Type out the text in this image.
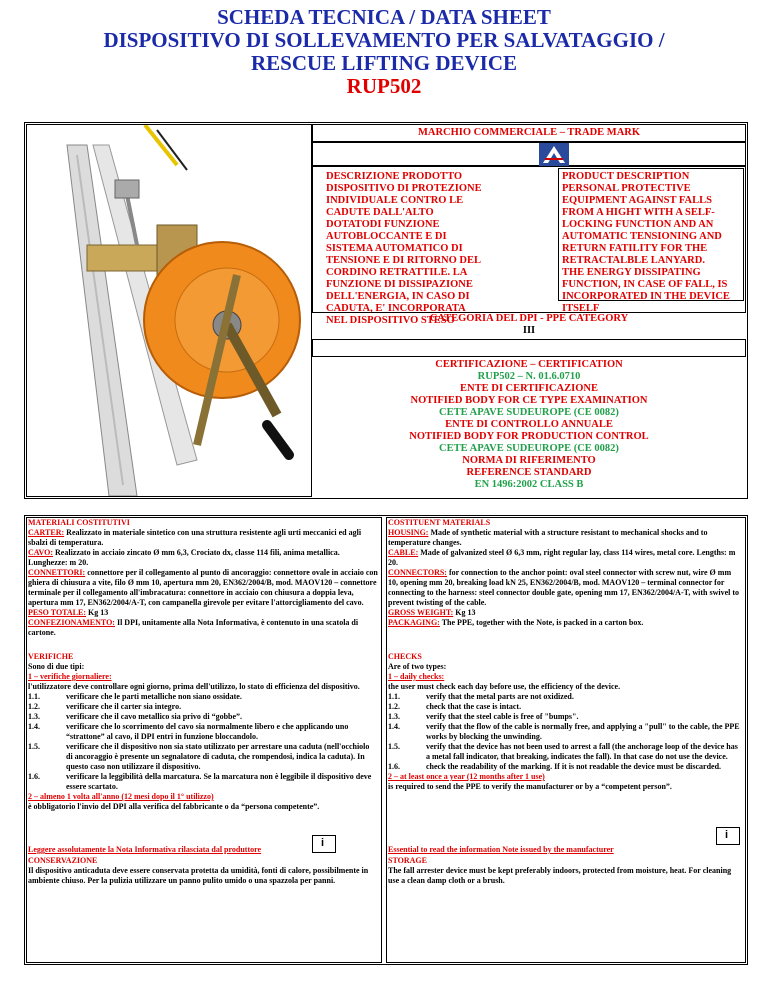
SCHEDA TECNICA / DATA SHEET
DISPOSITIVO DI SOLLEVAMENTO PER SALVATAGGIO /
RESCUE LIFTING DEVICE
RUP502
MARCHIO COMMERCIALE – TRADE MARK
DESCRIZIONE PRODOTTO
DISPOSITIVO DI PROTEZIONE
INDIVIDUALE CONTRO LE
CADUTE DALL'ALTO
DOTATODI FUNZIONE
AUTOBLOCCANTE E DI
SISTEMA AUTOMATICO DI
TENSIONE E DI RITORNO DEL
CORDINO RETRATTILE. LA
FUNZIONE DI DISSIPAZIONE
DELL'ENERGIA, IN CASO DI
CADUTA, E' INCORPORATA
NEL DISPOSITIVO STESO
PRODUCT DESCRIPTION
PERSONAL PROTECTIVE
EQUIPMENT AGAINST FALLS
FROM A HIGHT WITH A SELF-
LOCKING FUNCTION AND AN
AUTOMATIC TENSIONING AND
RETURN FATILITY FOR THE
RETRACTALBLE LANYARD.
THE ENERGY DISSIPATING
FUNCTION, IN CASE OF FALL, IS
INCORPORATED IN THE DEVICE
ITSELF
CATEGORIA DEL DPI - PPE CATEGORY
III
CERTIFICAZIONE – CERTIFICATION
RUP502 – N. 01.6.0710
ENTE DI CERTIFICAZIONE
NOTIFIED BODY FOR CE TYPE EXAMINATION
CETE APAVE SUDEUROPE (CE 0082)
ENTE DI CONTROLLO ANNUALE
NOTIFIED BODY FOR PRODUCTION CONTROL
CETE APAVE SUDEUROPE (CE 0082)
NORMA DI RIFERIMENTO
REFERENCE STANDARD
EN 1496:2002 CLASS B
MATERIALI COSTITUTIVI
CARTER: Realizzato in materiale sintetico con una struttura resistente agli urti meccanici ed agli sbalzi di temperatura.
CAVO: Realizzato in acciaio zincato Ø mm 6,3, Crociato dx, classe 114 fili, anima metallica. Lunghezze: m 20.
CONNETTORI: connettore per il collegamento al punto di ancoraggio: connettore ovale in acciaio con ghiera di chiusura a vite, filo Ø mm 10, apertura mm 20, EN362/2004/B, mod. MAOV120 – connettore terminale per il collegamento all'imbracatura: connettore in acciaio con chiusura a doppia leva, apertura mm 17, EN362/2004/A-T, con campanella girevole per evitare l'attorcigliamento del cavo.
PESO TOTALE: Kg 13
CONFEZIONAMENTO: Il DPI, unitamente alla Nota Informativa, è contenuto in una scatola di cartone.
COSTITUENT MATERIALS
HOUSING: Made of synthetic material with a structure resistant to mechanical shocks and to temperature changes.
CABLE: Made of galvanized steel Ø 6,3 mm, right regular lay, class 114 wires, metal core. Lengths: m 20.
CONNECTORS: for connection to the anchor point: oval steel connector with screw nut, wire Ø mm 10, opening mm 20, breaking load kN 25, EN362/2004/B, mod. MAOV120 – terminal connector for connecting to the harness: steel connector double gate, opening mm 17, EN362/2004/A-T, with swivel to prevent twisting of the cable.
GROSS WEIGHT: Kg 13
PACKAGING: The PPE, together with the Note, is packed in a carton box.
VERIFICHE
Sono di due tipi:
1 – verifiche giornaliere:
l'utilizzatore deve controllare ogni giorno, prima dell'utilizzo, lo stato di efficienza del dispositivo.
1.1.	verificare che le parti metalliche non siano ossidate.
1.2.	verificare che il carter sia integro.
1.3.	verificare che il cavo metallico sia privo di “gobbe”.
1.4.	verificare che lo scorrimento del cavo sia normalmente libero e che applicando uno “strattone” al cavo, il DPI entri in funzione bloccandolo.
1.5.	verificare che il dispositivo non sia stato utilizzato per arrestare una caduta (nell'occhiolo di ancoraggio è presente un segnalatore di caduta, che rompendosi, indica la caduta). In questo caso non utilizzare il dispositivo.
1.6.	verificare la leggibilità della marcatura. Se la marcatura non è leggibile il dispositivo deve essere scartato.
2 – almeno 1 volta all'anno (12 mesi dopo il 1° utilizzo)
è obbligatorio l'invio del DPI alla verifica del fabbricante o da “persona competente”.
Leggere assolutamente la Nota Informativa rilasciata dal produttore
i
CHECKS
Are of two types:
1 – daily checks:
the user must check each day before use, the efficiency of the device.
1.1.	verify that the metal parts are not oxidized.
1.2.	check that the case is intact.
1.3.	verify that the steel cable is free of "bumps".
1.4.	verify that the flow of the cable is normally free, and applying a "pull" to the cable, the PPE works by blocking the unwinding.
1.5.	verify that the device has not been used to arrest a fall (the anchorage loop of the device has a metal fall indicator, that breaking, indicates the fall). In that case do not use the device.
1.6.	check the readability of the marking. If it is not readable the device must be discarded.
2 – at least once a year (12 months after 1 use)
is required to send the PPE to verify the manufacturer or by a “competent person”.
Essential to read the information Note issued by the manufacturer
i
CONSERVAZIONE
Il dispositivo anticaduta deve essere conservata protetta da umidità, fonti di calore, possibilmente in ambiente chiuso. Per la pulizia utilizzare un panno pulito umido o una spazzola per panni.
STORAGE
The fall arrester device must be kept preferably indoors, protected from moisture, heat. For cleaning use a clean damp cloth or a brush.
